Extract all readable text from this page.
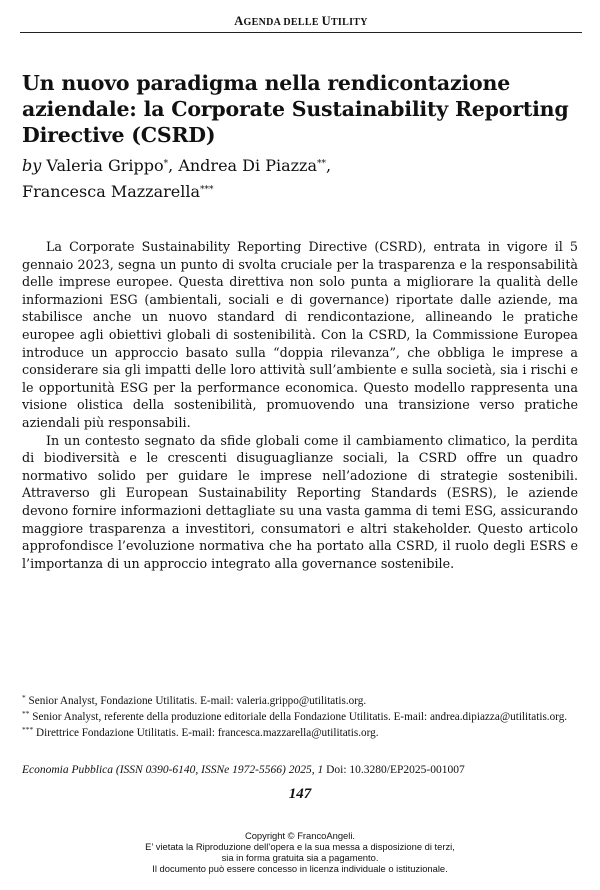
AGENDA DELLE UTILITY
Un nuovo paradigma nella rendicontazione aziendale: la Corporate Sustainability Reporting Directive (CSRD)
by Valeria Grippo*, Andrea Di Piazza**,
Francesca Mazzarella***

La Corporate Sustainability Reporting Directive (CSRD), entrata in vigore il 5 gennaio 2023, segna un punto di svolta cruciale per la trasparenza e la responsabilità delle imprese europee. Questa direttiva non solo punta a migliorare la qualità delle informazioni ESG (ambientali, sociali e di governance) riportate dalle aziende, ma stabilisce anche un nuovo standard di rendicontazione, allineando le pratiche europee agli obiettivi globali di sostenibilità. Con la CSRD, la Commissione Europea introduce un approccio basato sulla “doppia rilevanza”, che obbliga le imprese a considerare sia gli impatti delle loro attività sull’ambiente e sulla società, sia i rischi e le opportunità ESG per la performance economica. Questo modello rappresenta una visione olistica della sostenibilità, promuovendo una transizione verso pratiche aziendali più responsabili.

In un contesto segnato da sfide globali come il cambiamento climatico, la perdita di biodiversità e le crescenti disuguaglianze sociali, la CSRD offre un quadro normativo solido per guidare le imprese nell’adozione di strategie sostenibili. Attraverso gli European Sustainability Reporting Standards (ESRS), le aziende devono fornire informazioni dettagliate su una vasta gamma di temi ESG, assicurando maggiore trasparenza a investitori, consumatori e altri stakeholder. Questo articolo approfondisce l’evoluzione normativa che ha portato alla CSRD, il ruolo degli ESRS e l’importanza di un approccio integrato alla governance sostenibile.

* Senior Analyst, Fondazione Utilitatis. E-mail: valeria.grippo@utilitatis.org.
** Senior Analyst, referente della produzione editoriale della Fondazione Utilitatis. E-mail: andrea.dipiazza@utilitatis.org.
*** Direttrice Fondazione Utilitatis. E-mail: francesca.mazzarella@utilitatis.org.
Economia Pubblica (ISSN 0390-6140, ISSNe 1972-5566) 2025, 1 Doi: 10.3280/EP2025-001007
147
Copyright © FrancoAngeli.
E’ vietata la Riproduzione dell’opera e la sua messa a disposizione di terzi,
sia in forma gratuita sia a pagamento.
Il documento può essere concesso in licenza individuale o istituzionale.
